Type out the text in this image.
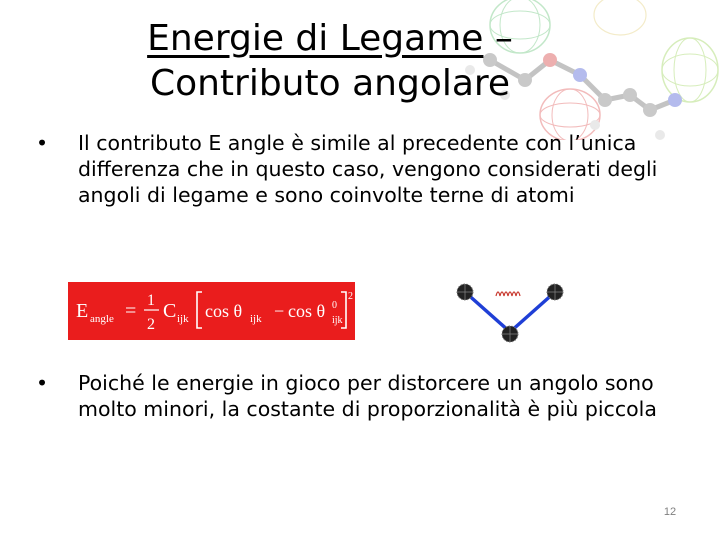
Energie di Legame – Contributo angolare
•	Il contributo E angle è simile al precedente con l’unica differenza che in questo caso, vengono considerati degli angoli di legame e sono coinvolte terne di atomi
E angle = 1
2
C ijk cos θ ijk − cos θ 0
ijk
2
•	Poiché le energie in gioco per distorcere un angolo sono molto minori, la costante di proporzionalità è più piccola
12
